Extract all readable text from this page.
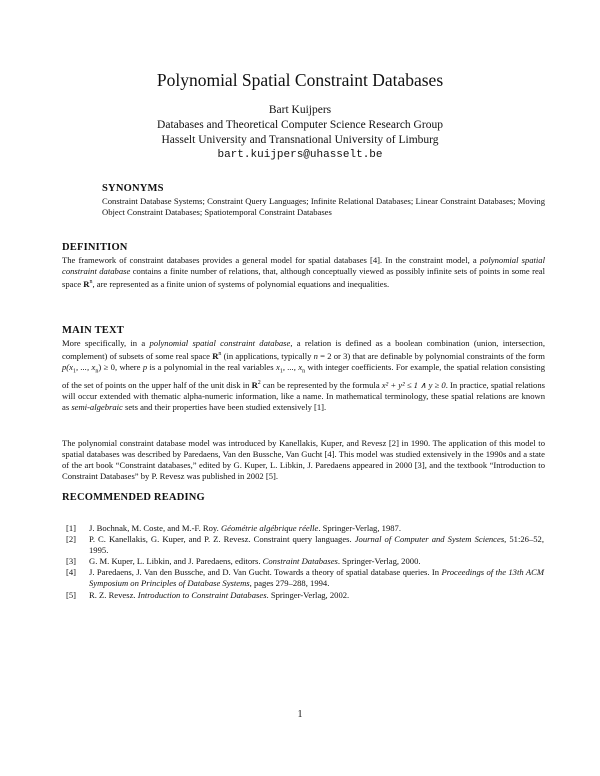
Polynomial Spatial Constraint Databases
Bart Kuijpers
Databases and Theoretical Computer Science Research Group
Hasselt University and Transnational University of Limburg
bart.kuijpers@uhasselt.be
SYNONYMS
Constraint Database Systems; Constraint Query Languages; Infinite Relational Databases; Linear Constraint Databases; Moving Object Constraint Databases; Spatiotemporal Constraint Databases
DEFINITION
The framework of constraint databases provides a general model for spatial databases [4]. In the constraint model, a polynomial spatial constraint database contains a finite number of relations, that, although conceptually viewed as possibly infinite sets of points in some real space $R^n$, are represented as a finite union of systems of polynomial equations and inequalities.
MAIN TEXT
More specifically, in a polynomial spatial constraint database, a relation is defined as a boolean combination (union, intersection, complement) of subsets of some real space $R^n$ (in applications, typically n = 2 or 3) that are definable by polynomial constraints of the form $p(x_1$, ..., $x_n) \ge 0$, where p is a polynomial in the real variables $x_1$, ..., $x_n$ with integer coefficients. For example, the spatial relation consisting of the set of points on the upper half of the unit disk in $R^2$ can be represented by the formula x² + y² ≤ 1 ∧ y ≥ 0. In practice, spatial relations will occur extended with thematic alpha-numeric information, like a name. In mathematical terminology, these spatial relations are known as semi-algebraic sets and their properties have been studied extensively [1].
The polynomial constraint database model was introduced by Kanellakis, Kuper, and Revesz [2] in 1990. The application of this model to spatial databases was described by Paredaens, Van den Bussche, Van Gucht [4]. This model was studied extensively in the 1990s and a state of the art book “Constraint databases,” edited by G. Kuper, L. Libkin, J. Paredaens appeared in 2000 [3], and the textbook “Introduction to Constraint Databases” by P. Revesz was published in 2002 [5].
RECOMMENDED READING
[1] J. Bochnak, M. Coste, and M.-F. Roy. Géométrie algébrique réelle. Springer-Verlag, 1987.
[2] P. C. Kanellakis, G. Kuper, and P. Z. Revesz. Constraint query languages. Journal of Computer and System Sciences, 51:26–52, 1995.
[3] G. M. Kuper, L. Libkin, and J. Paredaens, editors. Constraint Databases. Springer-Verlag, 2000.
[4] J. Paredaens, J. Van den Bussche, and D. Van Gucht. Towards a theory of spatial database queries. In Proceedings of the 13th ACM Symposium on Principles of Database Systems, pages 279–288, 1994.
[5] R. Z. Revesz. Introduction to Constraint Databases. Springer-Verlag, 2002.
1
